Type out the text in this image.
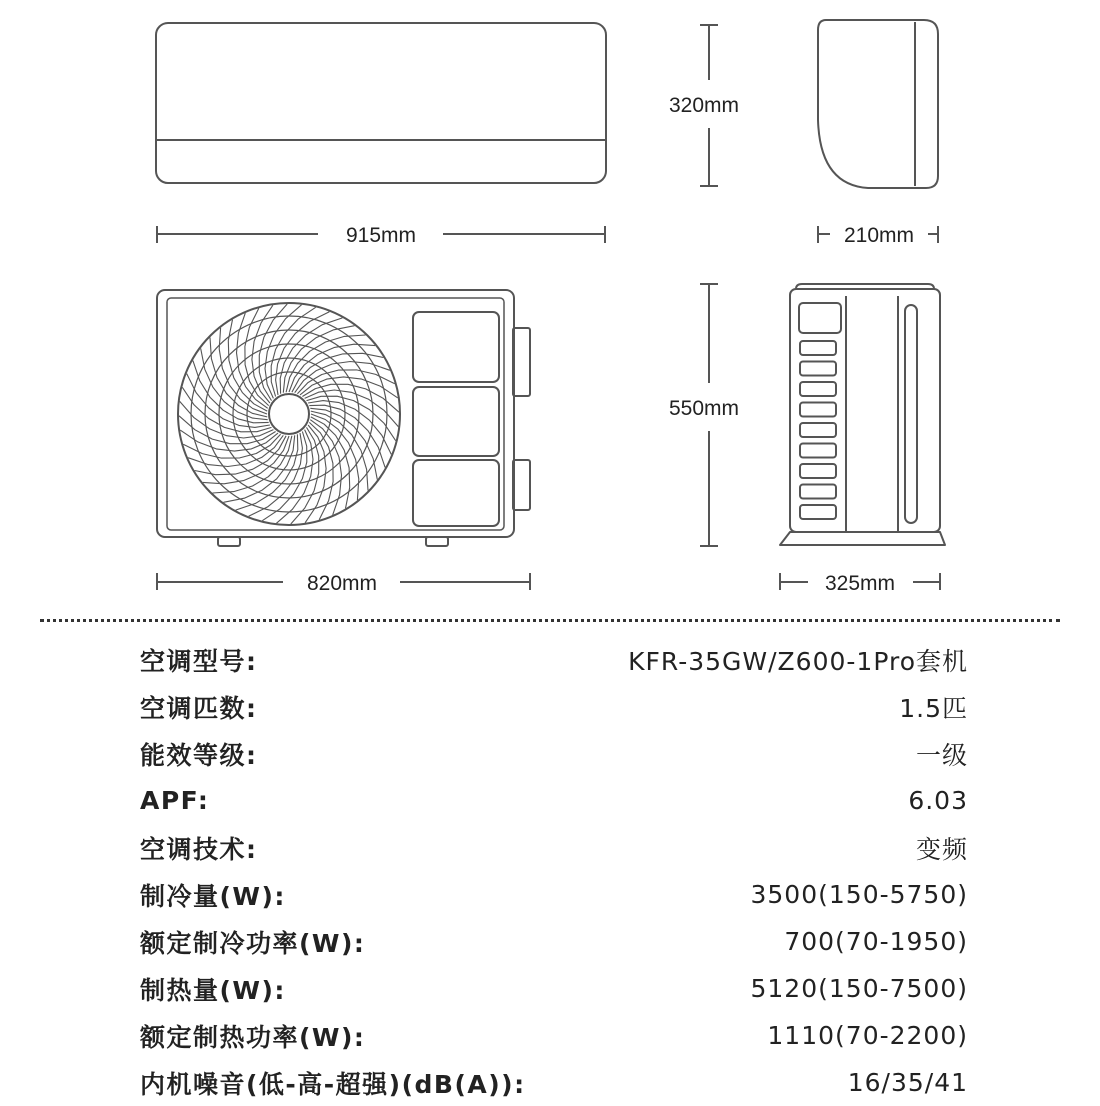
320mm
915mm	210mm
550mm
820mm	325mm
空调型号:	KFR-35GW/Z600-1Pro套机
空调匹数:	1.5匹
能效等级:	一级
APF:	6.03
空调技术:	变频
制冷量(W):	3500(150-5750)
额定制冷功率(W):	700(70-1950)
制热量(W):	5120(150-7500)
额定制热功率(W):	1110(70-2200)
内机噪音(低-高-超强)(dB(A)):	16/35/41
